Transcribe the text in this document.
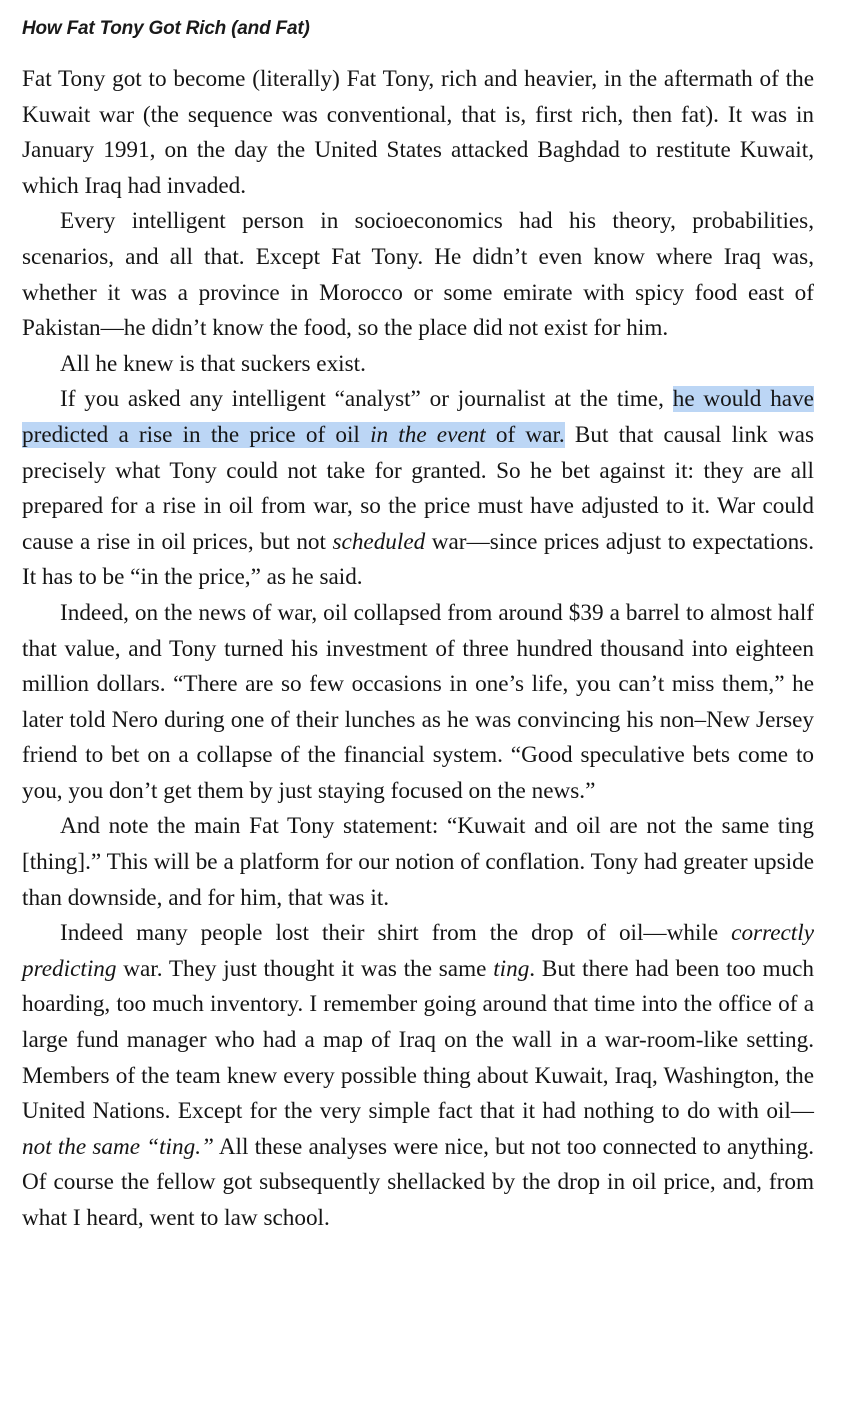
How Fat Tony Got Rich (and Fat)

Fat Tony got to become (literally) Fat Tony, rich and heavier, in the aftermath of the Kuwait war (the sequence was conventional, that is, first rich, then fat). It was in January 1991, on the day the United States attacked Baghdad to restitute Kuwait, which Iraq had invaded.

Every intelligent person in socioeconomics had his theory, probabilities, scenarios, and all that. Except Fat Tony. He didn’t even know where Iraq was, whether it was a province in Morocco or some emirate with spicy food east of Pakistan—he didn’t know the food, so the place did not exist for him.

All he knew is that suckers exist.

If you asked any intelligent “analyst” or journalist at the time, he would have predicted a rise in the price of oil in the event of war. But that causal link was precisely what Tony could not take for granted. So he bet against it: they are all prepared for a rise in oil from war, so the price must have adjusted to it. War could cause a rise in oil prices, but not scheduled war—since prices adjust to expectations. It has to be “in the price,” as he said.

Indeed, on the news of war, oil collapsed from around $39 a barrel to almost half that value, and Tony turned his investment of three hundred thousand into eighteen million dollars. “There are so few occasions in one’s life, you can’t miss them,” he later told Nero during one of their lunches as he was convincing his non–New Jersey friend to bet on a collapse of the financial system. “Good speculative bets come to you, you don’t get them by just staying focused on the news.”

And note the main Fat Tony statement: “Kuwait and oil are not the same ting [thing].” This will be a platform for our notion of conflation. Tony had greater upside than downside, and for him, that was it.

Indeed many people lost their shirt from the drop of oil—while correctly predicting war. They just thought it was the same ting. But there had been too much hoarding, too much inventory. I remember going around that time into the office of a large fund manager who had a map of Iraq on the wall in a war-room-like setting. Members of the team knew every possible thing about Kuwait, Iraq, Washington, the United Nations. Except for the very simple fact that it had nothing to do with oil—not the same “ting.” All these analyses were nice, but not too connected to anything. Of course the fellow got subsequently shellacked by the drop in oil price, and, from what I heard, went to law school.
